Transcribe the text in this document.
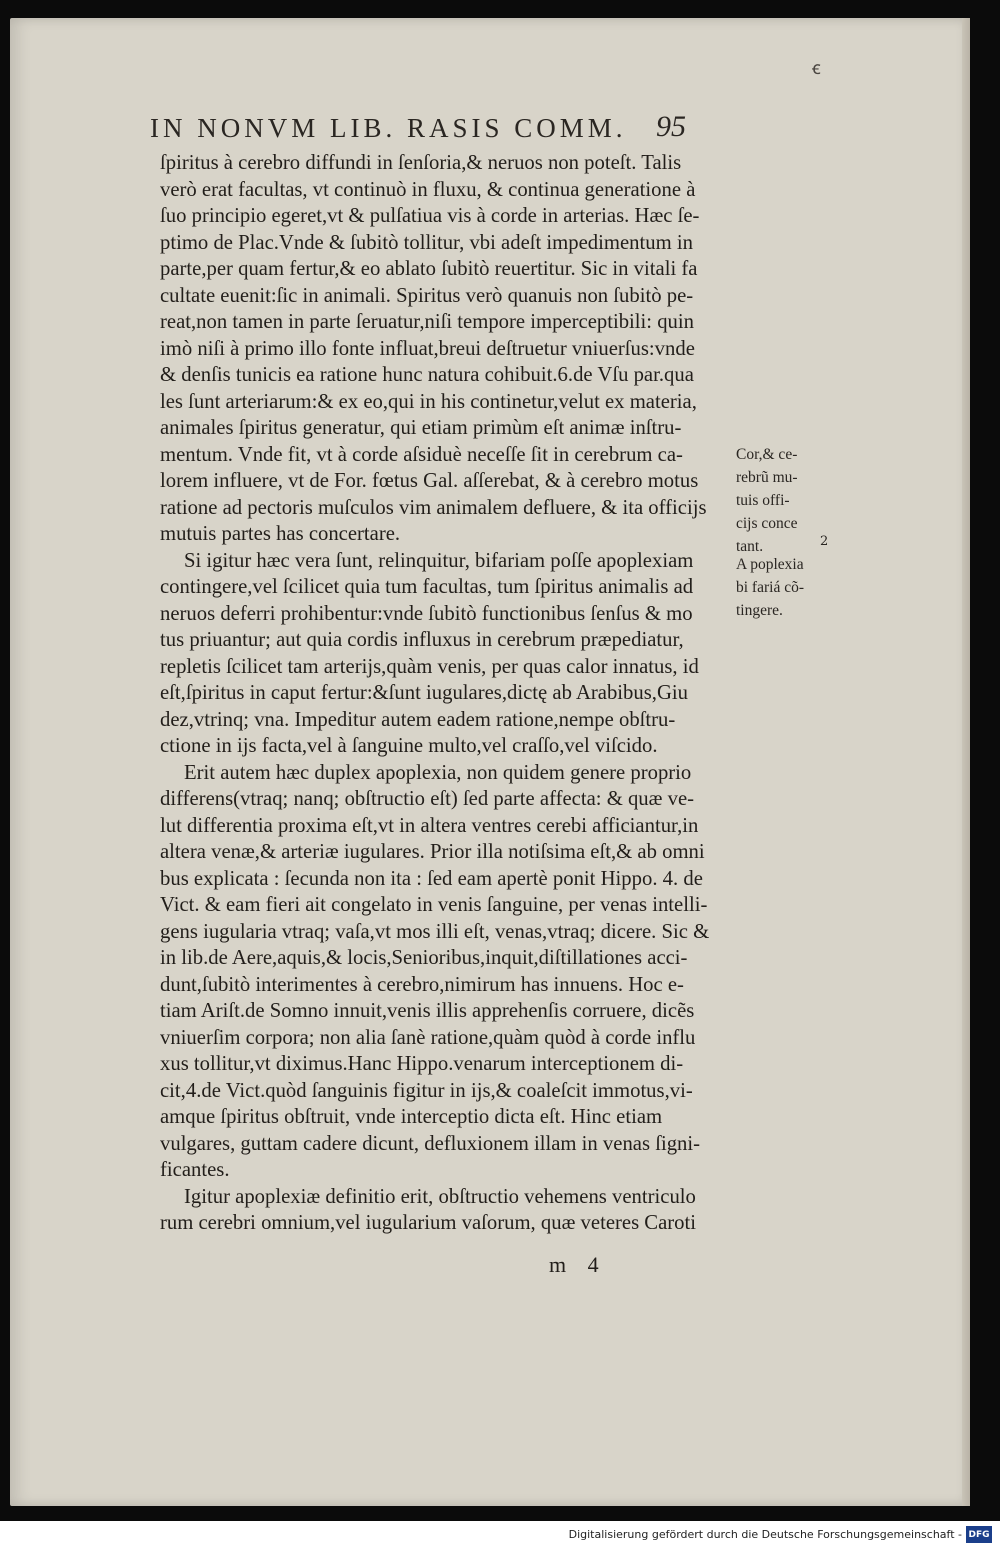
ꞓ
IN NONVM LIB. RASIS COMM. 95
ſpiritus à cerebro diffundi in ſenſoria,& neruos non poteſt. Talis
verò erat facultas, vt continuò in fluxu, & continua generatione à
ſuo principio egeret,vt & pulſatiua vis à corde in arterias. Hæc ſe-
ptimo de Plac.Vnde & ſubitò tollitur, vbi adeſt impedimentum in
parte,per quam fertur,& eo ablato ſubitò reuertitur. Sic in vitali fa
cultate euenit:ſic in animali. Spiritus verò quanuis non ſubitò pe-
reat,non tamen in parte ſeruatur,niſi tempore imperceptibili: quin
imò niſi à primo illo fonte influat,breui deſtruetur vniuerſus:vnde
& denſis tunicis ea ratione hunc natura cohibuit.6.de Vſu par.qua
les ſunt arteriarum:& ex eo,qui in his continetur,velut ex materia,
animales ſpiritus generatur, qui etiam primùm eſt animæ inſtru-
mentum. Vnde fit, vt à corde aſsiduè neceſſe ſit in cerebrum ca-
lorem influere, vt de For. fœtus Gal. aſſerebat, & à cerebro motus
ratione ad pectoris muſculos vim animalem defluere, & ita officijs
mutuis partes has concertare.
Si igitur hæc vera ſunt, relinquitur, bifariam poſſe apoplexiam
contingere,vel ſcilicet quia tum facultas, tum ſpiritus animalis ad
neruos deferri prohibentur:vnde ſubitò functionibus ſenſus & mo
tus priuantur; aut quia cordis influxus in cerebrum præpediatur,
repletis ſcilicet tam arterijs,quàm venis, per quas calor innatus, id
eſt,ſpiritus in caput fertur:&ſunt iugulares,dictę ab Arabibus,Giu
dez,vtrinq; vna. Impeditur autem eadem ratione,nempe obſtru-
ctione in ijs facta,vel à ſanguine multo,vel craſſo,vel viſcido.
Erit autem hæc duplex apoplexia, non quidem genere proprio
differens(vtraq; nanq; obſtructio eſt) ſed parte affecta: & quæ ve-
lut differentia proxima eſt,vt in altera ventres cerebi afficiantur,in
altera venæ,& arteriæ iugulares. Prior illa notiſsima eſt,& ab omni
bus explicata : ſecunda non ita : ſed eam apertè ponit Hippo. 4. de
Vict. & eam fieri ait congelato in venis ſanguine, per venas intelli-
gens iugularia vtraq; vaſa,vt mos illi eſt, venas,vtraq; dicere. Sic &
in lib.de Aere,aquis,& locis,Senioribus,inquit,diſtillationes acci-
dunt,ſubitò interimentes à cerebro,nimirum has innuens. Hoc e-
tiam Ariſt.de Somno innuit,venis illis apprehenſis corruere, dicẽs
vniuerſim corpora; non alia ſanè ratione,quàm quòd à corde influ
xus tollitur,vt diximus.Hanc Hippo.venarum interceptionem di-
cit,4.de Vict.quòd ſanguinis figitur in ijs,& coaleſcit immotus,vi-
amque ſpiritus obſtruit, vnde interceptio dicta eſt. Hinc etiam
vulgares, guttam cadere dicunt, defluxionem illam in venas ſigni-
ficantes.
Igitur apoplexiæ definitio erit, obſtructio vehemens ventriculo
rum cerebri omnium,vel iugularium vaſorum, quæ veteres Caroti
Cor,& ce-
rebrũ mu-
tuis offi-
cijs conce
tant.	2
A poplexia
bi fariá cõ-
tingere.
m 4
Digitalisierung gefördert durch die Deutsche Forschungsgemeinschaft - DFG
